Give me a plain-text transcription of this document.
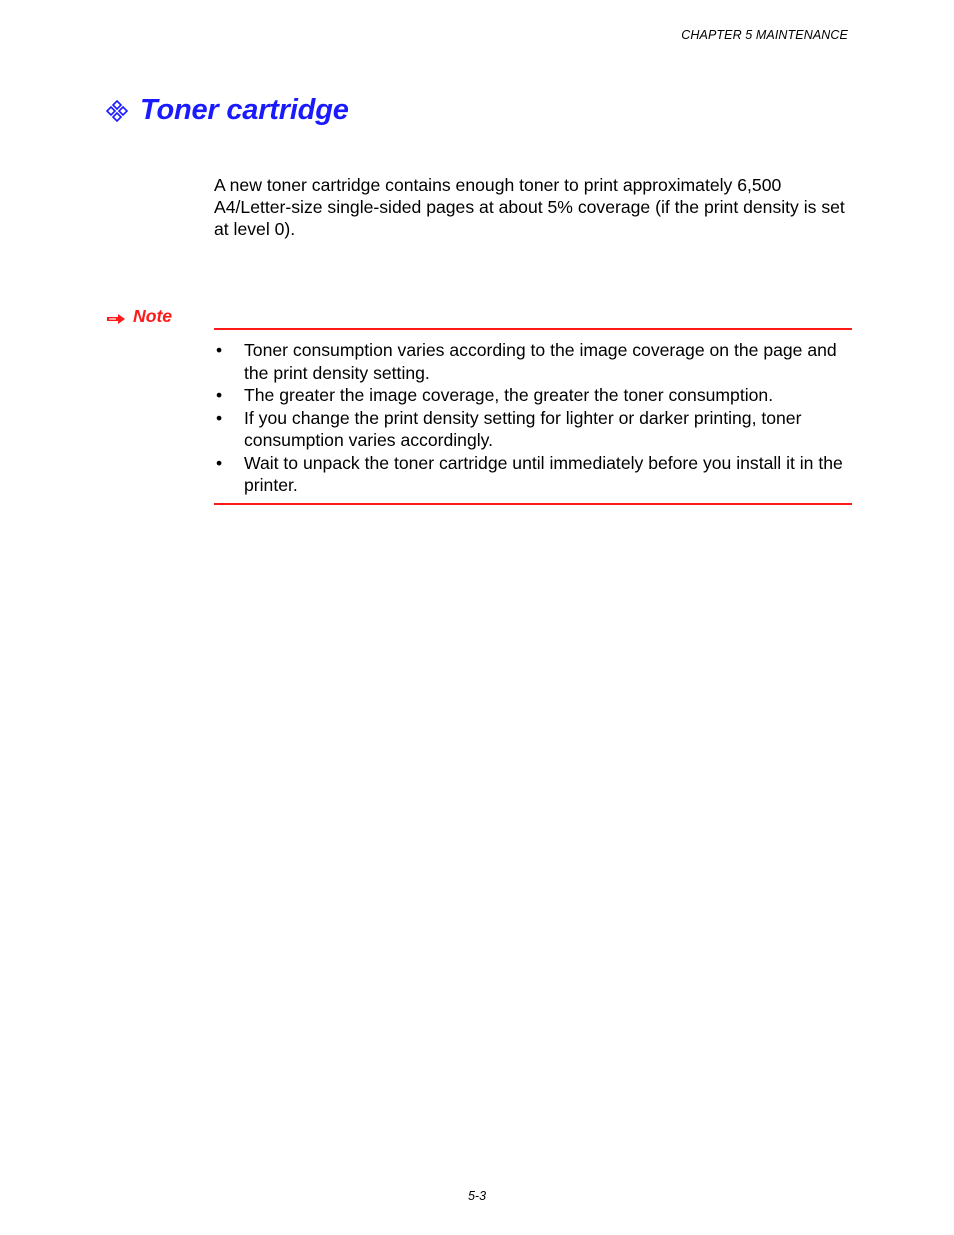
CHAPTER 5 MAINTENANCE
Toner cartridge

A new toner cartridge contains enough toner to print approximately 6,500 A4/Letter-size single-sided pages at about 5% coverage (if the print density is set at level 0).

Note
• Toner consumption varies according to the image coverage on the page and the print density setting.
• The greater the image coverage, the greater the toner consumption.
• If you change the print density setting for lighter or darker printing, toner consumption varies accordingly.
• Wait to unpack the toner cartridge until immediately before you install it in the printer.
5-3
